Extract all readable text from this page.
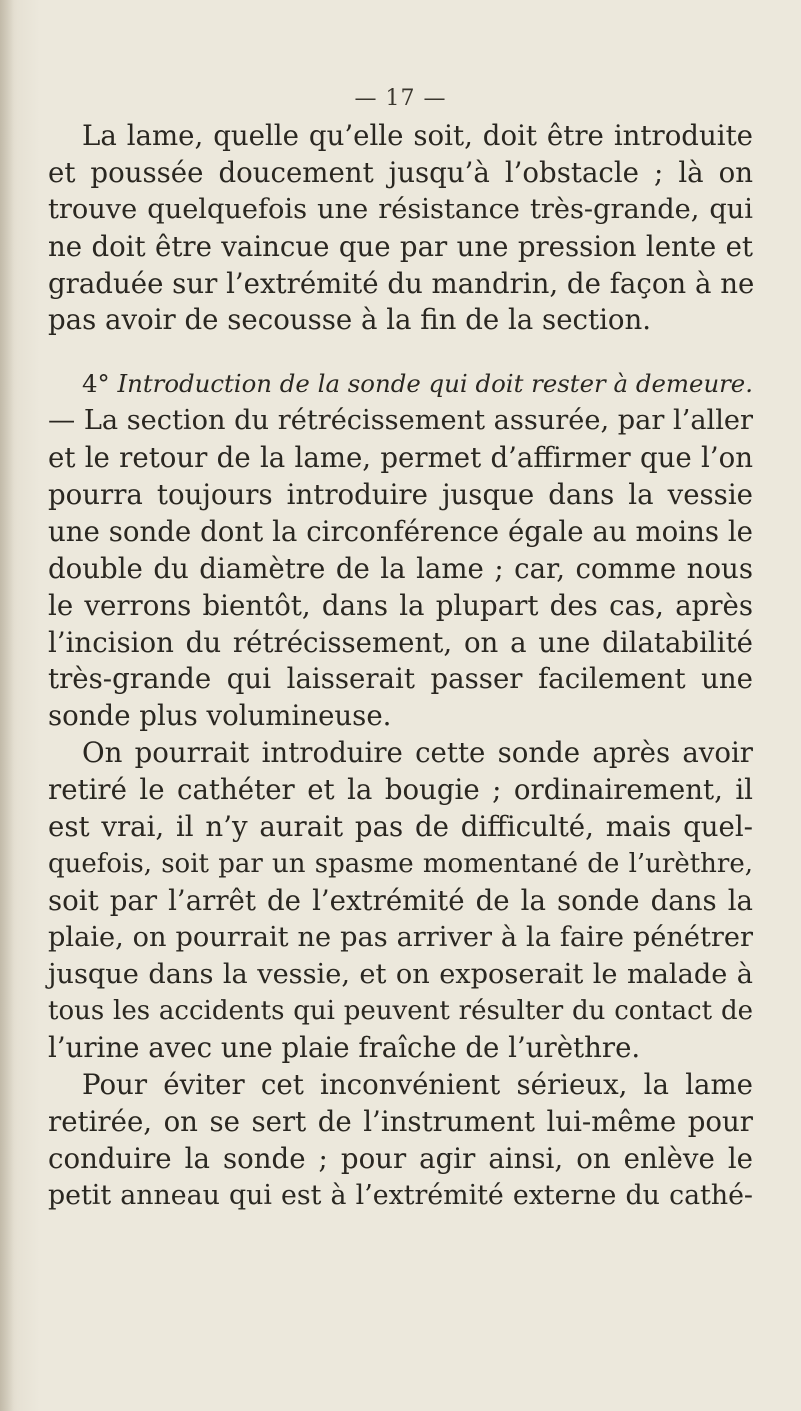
— 17 —
La lame, quelle qu’elle soit, doit être introduite
et poussée doucement jusqu’à l’obstacle ; là on
trouve quelquefois une résistance très-grande, qui
ne doit être vaincue que par une pression lente et
graduée sur l’extrémité du mandrin, de façon à ne
pas avoir de secousse à la fin de la section.
4° Introduction de la sonde qui doit rester à demeure.
— La section du rétrécissement assurée, par l’aller
et le retour de la lame, permet d’affirmer que l’on
pourra toujours introduire jusque dans la vessie
une sonde dont la circonférence égale au moins le
double du diamètre de la lame ; car, comme nous
le verrons bientôt, dans la plupart des cas, après
l’incision du rétrécissement, on a une dilatabilité
très-grande qui laisserait passer facilement une
sonde plus volumineuse.
On pourrait introduire cette sonde après avoir
retiré le cathéter et la bougie ; ordinairement, il
est vrai, il n’y aurait pas de difficulté, mais quel-
quefois, soit par un spasme momentané de l’urèthre,
soit par l’arrêt de l’extrémité de la sonde dans la
plaie, on pourrait ne pas arriver à la faire pénétrer
jusque dans la vessie, et on exposerait le malade à
tous les accidents qui peuvent résulter du contact de
l’urine avec une plaie fraîche de l’urèthre.
Pour éviter cet inconvénient sérieux, la lame
retirée, on se sert de l’instrument lui-même pour
conduire la sonde ; pour agir ainsi, on enlève le
petit anneau qui est à l’extrémité externe du cathé-
